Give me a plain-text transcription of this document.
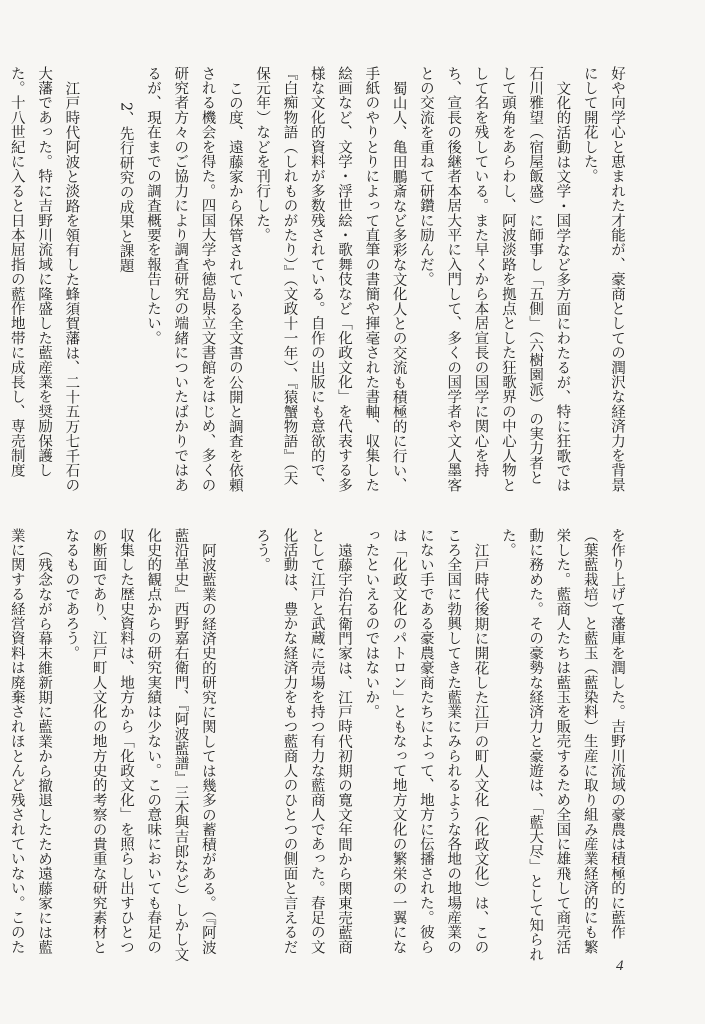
好や向学心と恵まれた才能が、豪商としての潤沢な経済力を背景にして開花した。

文化的活動は文学・国学など多方面にわたるが、特に狂歌では石川雅望（宿屋飯盛）に師事し「五側」（六樹園派）の実力者として頭角をあらわし、阿波淡路を拠点とした狂歌界の中心人物として名を残している。また早くから本居宣長の国学に関心を持ち、宣長の後継者本居大平に入門して、多くの国学者や文人墨客との交流を重ねて研鑽に励んだ。

蜀山人、亀田鵬斎など多彩な文化人との交流も積極的に行い、手紙のやりとりによって直筆の書簡や揮毫された書軸、収集した絵画など、文学・浮世絵・歌舞伎など「化政文化」を代表する多様な文化的資料が多数残されている。自作の出版にも意欲的で、『白痴物語（しれものがたり）』（文政十一年）、『猿蟹物語』（天保元年）などを刊行した。

この度、遠藤家から保管されている全文書の公開と調査を依頼される機会を得た。四国大学や徳島県立文書館をはじめ、多くの研究者方々のご協力により調査研究の端緒についたばかりではあるが、現在までの調査概要を報告したい。

2、先行研究の成果と課題

江戸時代阿波と淡路を領有した蜂須賀藩は、二十五万七千石の大藩であった。特に吉野川流域に隆盛した藍産業を奨励保護した。十八世紀に入ると日本屈指の藍作地帯に成長し、専売制度

を作り上げて藩庫を潤した。吉野川流域の豪農は積極的に藍作（葉藍栽培）と藍玉（藍染料）生産に取り組み産業経済的にも繁栄した。藍商人たちは藍玉を販売するため全国に雄飛して商売活動に務めた。その豪勢な経済力と豪遊は、「藍大尽」として知られた。

江戸時代後期に開花した江戸の町人文化（化政文化）は、このころ全国に勃興してきた藍業にみられるような各地の地場産業のにない手である豪農豪商たちによって、地方に伝播された。彼らは「化政文化のパトロン」ともなって地方文化の繁栄の一翼になったといえるのではないか。

遠藤宇治右衛門家は、江戸時代初期の寛文年間から関東売藍商として江戸と武蔵に売場を持つ有力な藍商人であった。春足の文化活動は、豊かな経済力をもつ藍商人のひとつの側面と言えるだろう。

阿波藍業の経済史的研究に関しては幾多の蓄積がある。（『阿波藍沿革史』西野嘉右衛門、『阿波藍譜』三木與吉郎など）しかし文化史的観点からの研究実績は少ない。この意味においても春足の収集した歴史資料は、地方から「化政文化」を照らし出すひとつの断面であり、江戸町人文化の地方史的考察の貴重な研究素材となるものであろう。

（残念ながら幕末維新期に藍業から撤退したため遠藤家には藍業に関する経営資料は廃棄されほとんど残されていない。このた

4
